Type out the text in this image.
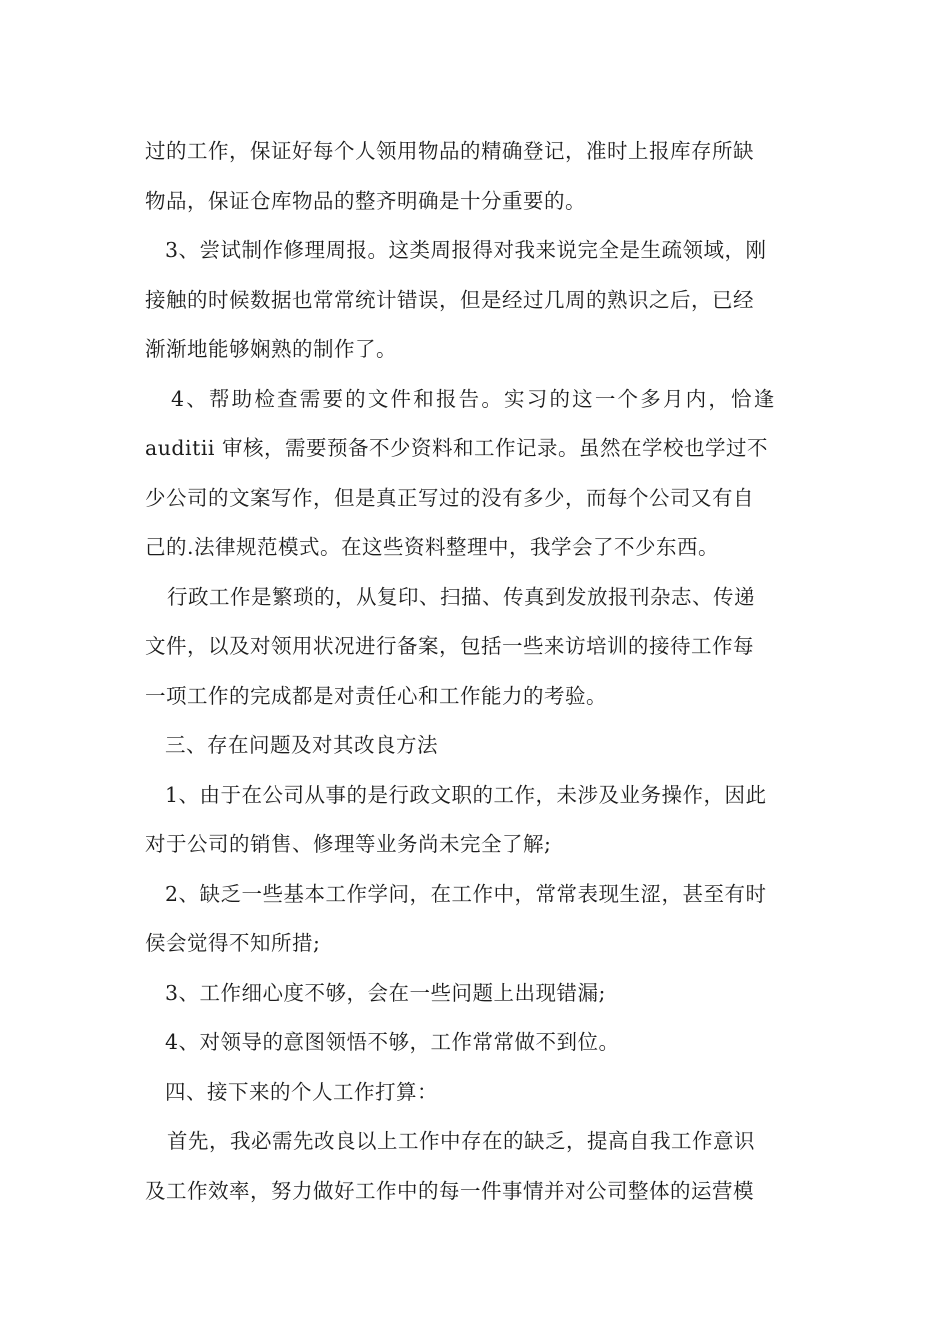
过的工作，保证好每个人领用物品的精确登记，准时上报库存所缺
物品，保证仓库物品的整齐明确是十分重要的。
3、尝试制作修理周报。这类周报得对我来说完全是生疏领域，刚
接触的时候数据也常常统计错误，但是经过几周的熟识之后，已经
渐渐地能够娴熟的制作了。
4、帮助检查需要的文件和报告。实习的这一个多月内，恰逢
auditii 审核，需要预备不少资料和工作记录。虽然在学校也学过不
少公司的文案写作，但是真正写过的没有多少，而每个公司又有自
己的.法律规范模式。在这些资料整理中，我学会了不少东西。
行政工作是繁琐的，从复印、扫描、传真到发放报刊杂志、传递
文件，以及对领用状况进行备案，包括一些来访培训的接待工作每
一项工作的完成都是对责任心和工作能力的考验。
三、存在问题及对其改良方法
1、由于在公司从事的是行政文职的工作，未涉及业务操作，因此
对于公司的销售、修理等业务尚未完全了解;
2、缺乏一些基本工作学问，在工作中，常常表现生涩，甚至有时
侯会觉得不知所措;
3、工作细心度不够，会在一些问题上出现错漏;
4、对领导的意图领悟不够，工作常常做不到位。
四、接下来的个人工作打算：
首先，我必需先改良以上工作中存在的缺乏，提高自我工作意识
及工作效率，努力做好工作中的每一件事情并对公司整体的运营模
